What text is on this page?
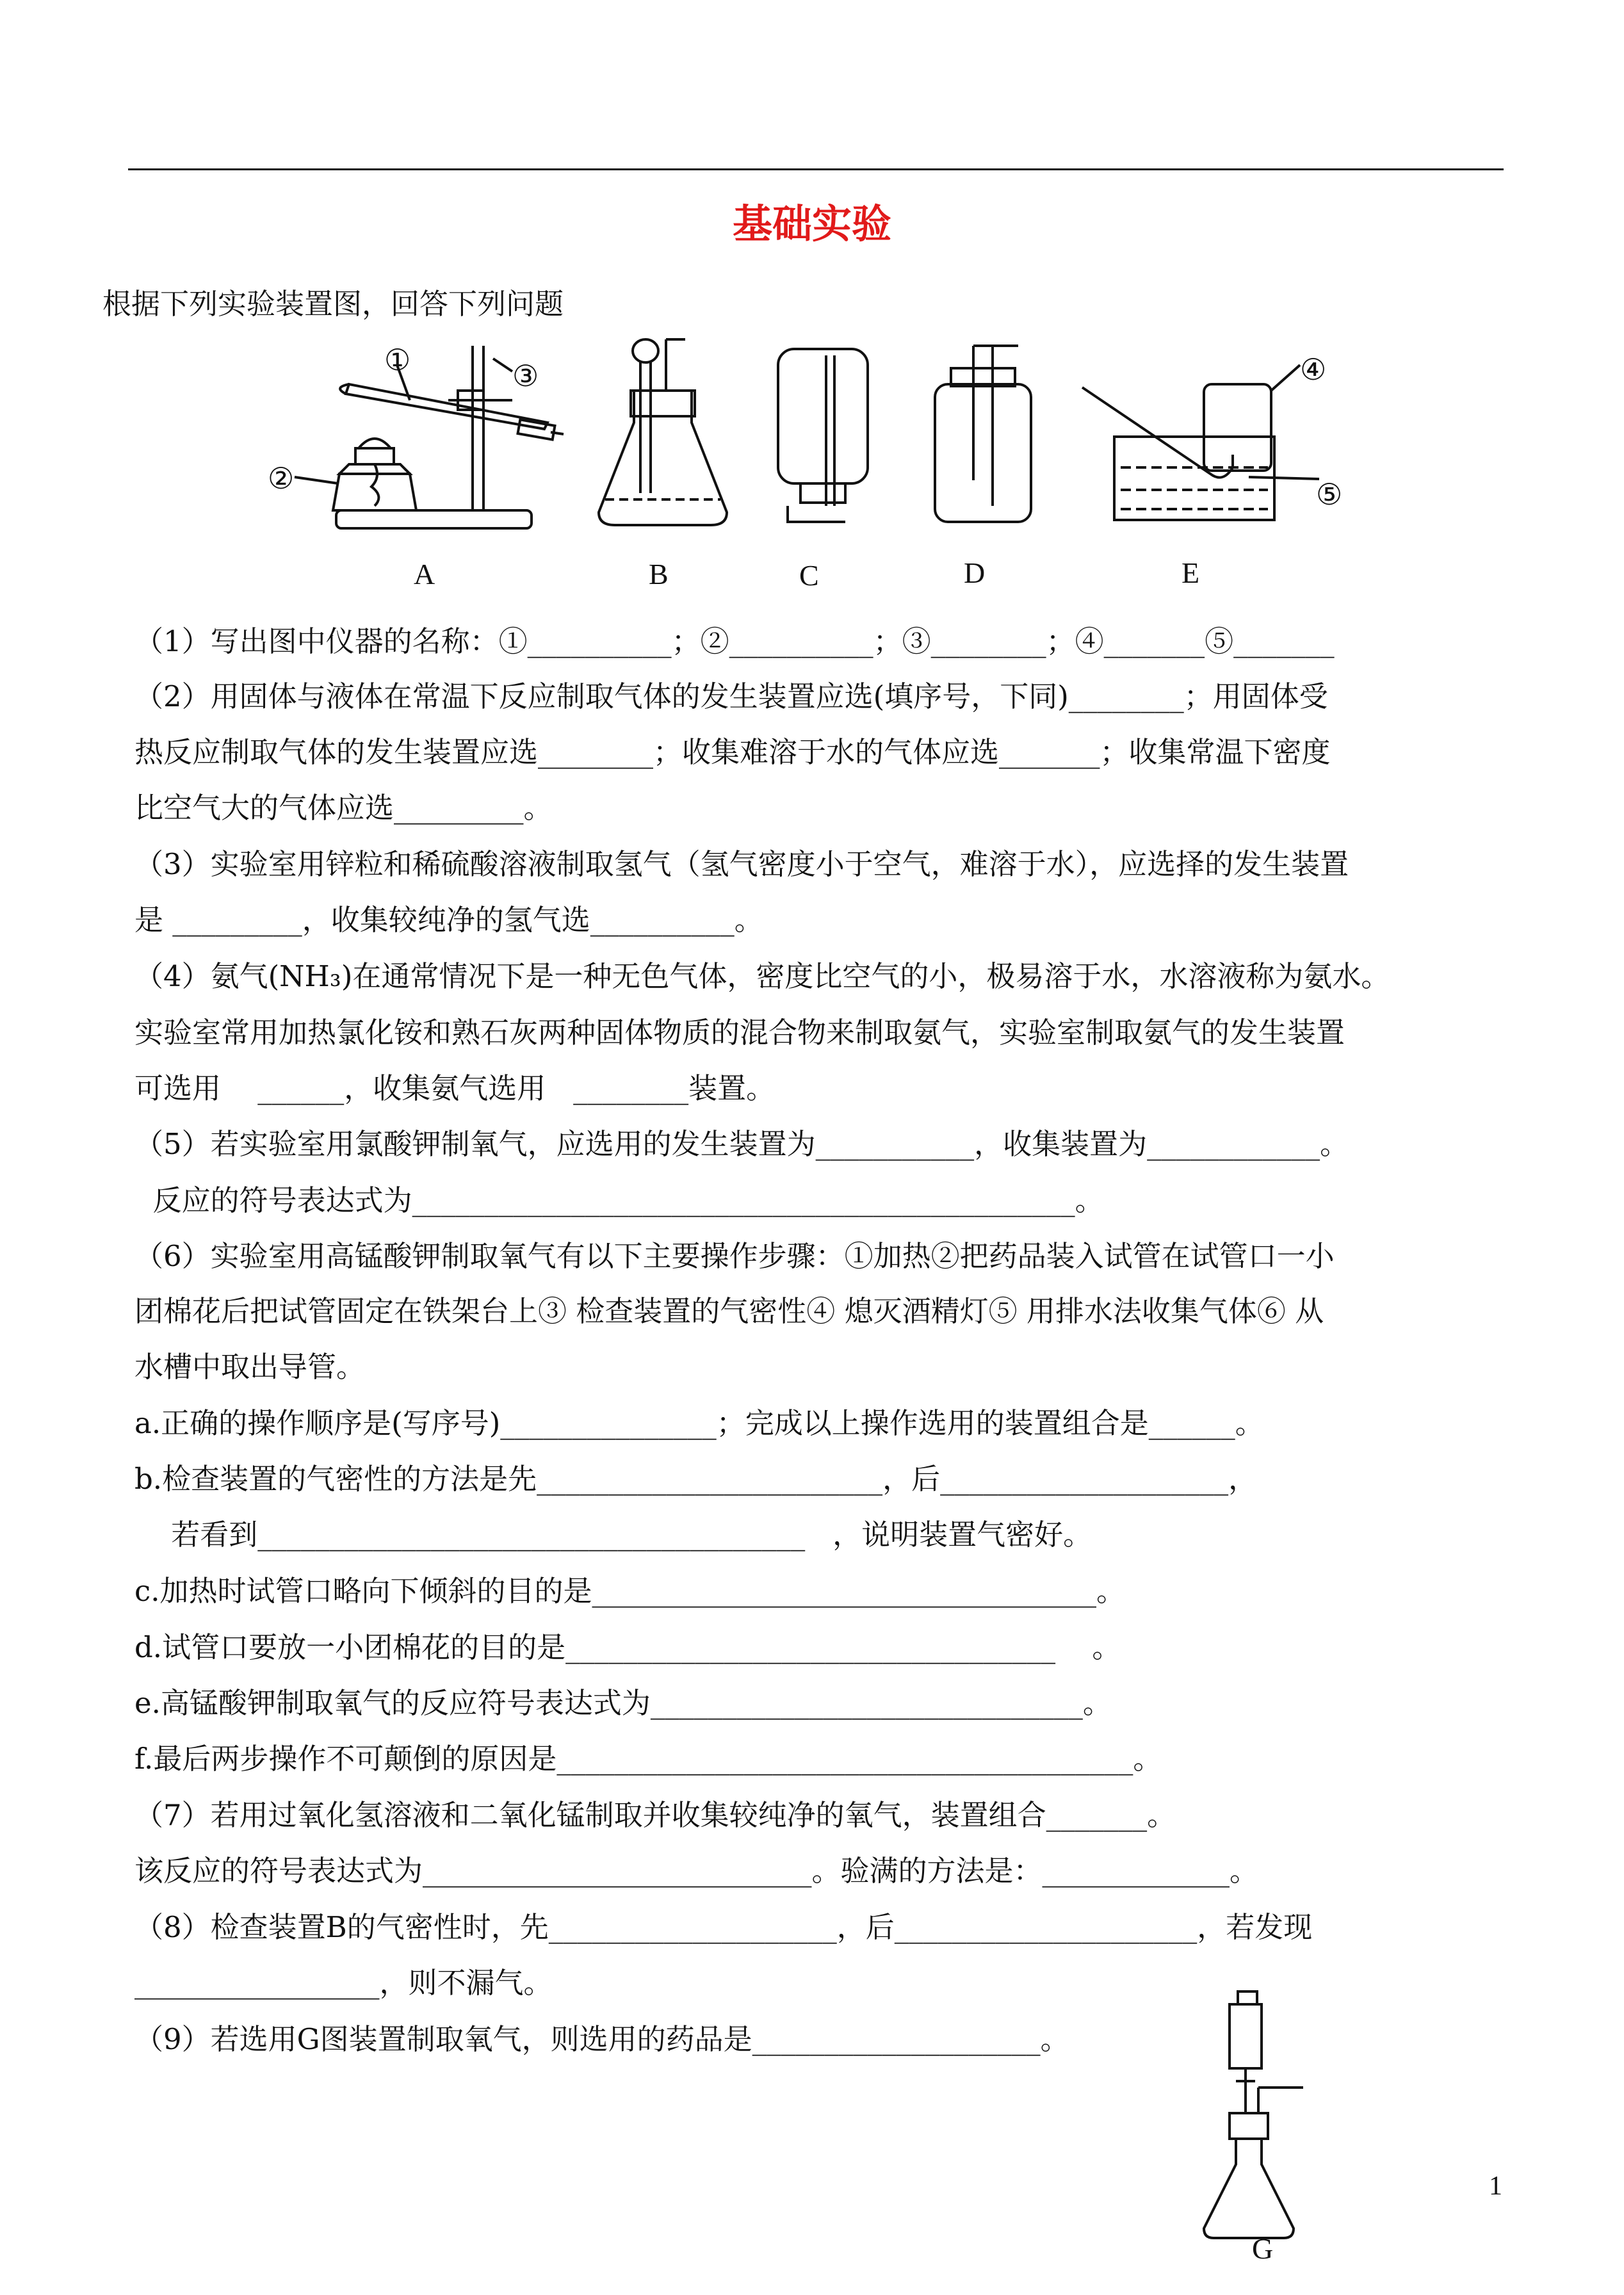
基础实验
根据下列实验装置图，回答下列问题
①	③
②
④
⑤
A	B	C	D	E
（1）写出图中仪器的名称：①__________；②__________；③________；④_______⑤_______
（2）用固体与液体在常温下反应制取气体的发生装置应选(填序号，下同)________；用固体受
热反应制取气体的发生装置应选________；收集难溶于水的气体应选_______；收集常温下密度
比空气大的气体应选_________。
（3）实验室用锌粒和稀硫酸溶液制取氢气（氢气密度小于空气，难溶于水），应选择的发生装置
是 _________，收集较纯净的氢气选__________。
（4）氨气(NH₃)在通常情况下是一种无色气体，密度比空气的小，极易溶于水，水溶液称为氨水。
实验室常用加热氯化铵和熟石灰两种固体物质的混合物来制取氨气，实验室制取氨气的发生装置
可选用    ______，收集氨气选用   ________装置。
（5）若实验室用氯酸钾制氧气，应选用的发生装置为___________，收集装置为____________。
反应的符号表达式为______________________________________________。
（6）实验室用高锰酸钾制取氧气有以下主要操作步骤：①加热②把药品装入试管在试管口一小
团棉花后把试管固定在铁架台上③ 检查装置的气密性④ 熄灭酒精灯⑤ 用排水法收集气体⑥ 从
水槽中取出导管。
a.正确的操作顺序是(写序号)_______________；完成以上操作选用的装置组合是______。
b.检查装置的气密性的方法是先________________________，后____________________，
若看到______________________________________   ，说明装置气密好。
c.加热时试管口略向下倾斜的目的是___________________________________。
d.试管口要放一小团棉花的目的是__________________________________    。
e.高锰酸钾制取氧气的反应符号表达式为______________________________。
f.最后两步操作不可颠倒的原因是________________________________________。
（7）若用过氧化氢溶液和二氧化锰制取并收集较纯净的氧气，装置组合_______。
该反应的符号表达式为___________________________。验满的方法是：_____________。
（8）检查装置B的气密性时，先____________________，后_____________________，若发现
_________________，则不漏气。
（9）若选用G图装置制取氧气，则选用的药品是____________________。
G
1
